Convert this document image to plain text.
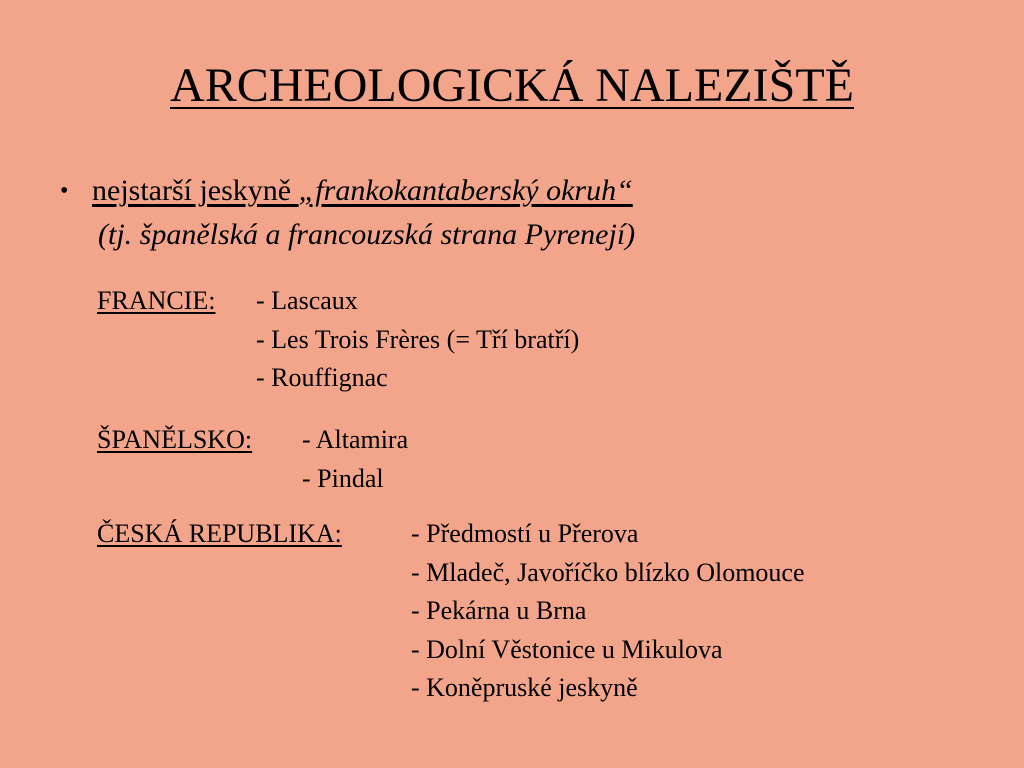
ARCHEOLOGICKÁ NALEZIŠTĚ
• nejstarší jeskyně „frankokantaberský okruh“
(tj. španělská a francouzská strana Pyrenejí)
FRANCIE: - Lascaux
- Les Trois Frères (= Tří bratří)
- Rouffignac
ŠPANĚLSKO: - Altamira
- Pindal
ČESKÁ REPUBLIKA:	- Předmostí u Přerova
- Mladeč, Javoříčko blízko Olomouce
- Pekárna u Brna
- Dolní Věstonice u Mikulova
- Koněpruské jeskyně
